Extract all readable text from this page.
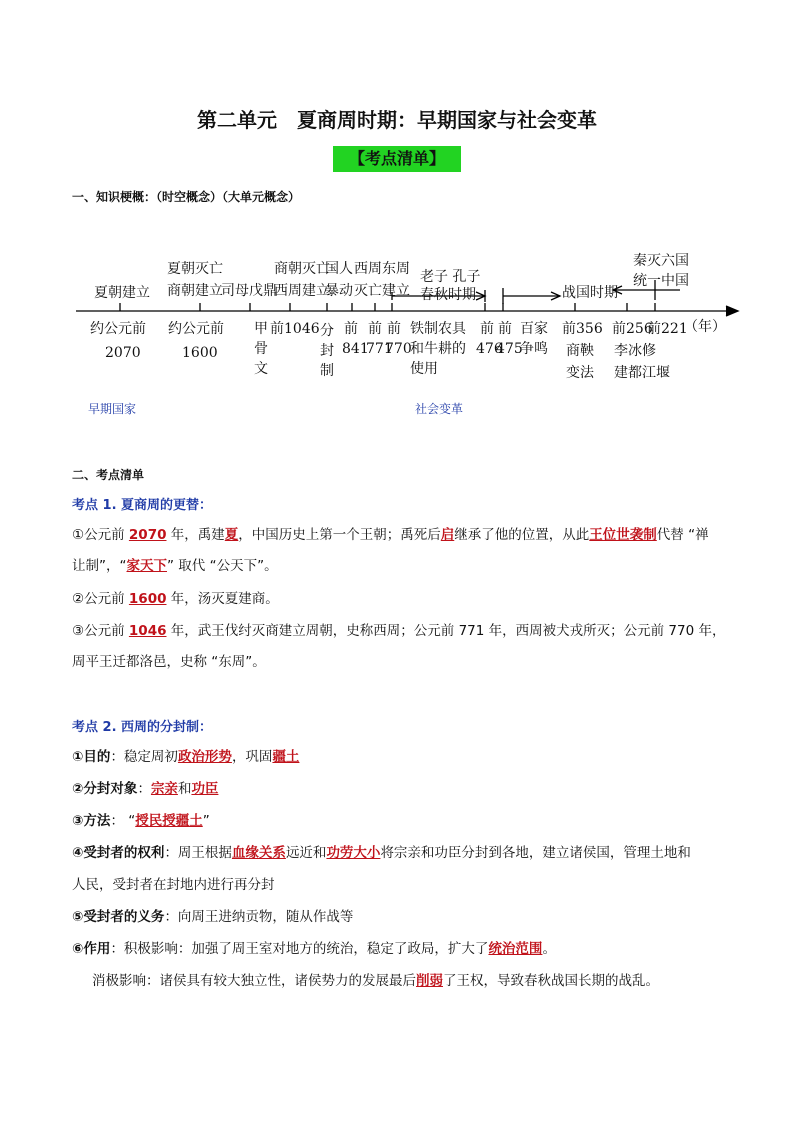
第二单元　夏商周时期：早期国家与社会变革
【考点清单】
一、知识梗概：（时空概念）（大单元概念）
夏朝建立
夏朝灭亡
商朝建立
司母戊鼎
商朝灭亡
西周建立
国人
暴动
西周
灭亡
东周
建立
老子 孔子
春秋时期	战国时期
秦灭六国
统一中国
约公元前
2070
约公元前
1600
甲
骨
文
前1046 分
封
制
前
841
前
771
前
770
铁制农具
和牛耕的
使用
前
476
前
475
百家
争鸣
前356
商鞅
变法
前256
李冰修
建都江堰
前221
（年）
早期国家	社会变革
二、考点清单
考点 1. 夏商周的更替：
①公元前 2070 年，禹建夏，中国历史上第一个王朝；禹死后启继承了他的位置，从此王位世袭制代替 “禅
让制”，“家天下” 取代 “公天下”。
②公元前 1600 年，汤灭夏建商。
③公元前 1046 年，武王伐纣灭商建立周朝，史称西周；公元前 771 年，西周被犬戎所灭；公元前 770 年，
周平王迁都洛邑，史称 “东周”。
考点 2. 西周的分封制：
①目的：稳定周初政治形势，巩固疆土
②分封对象：宗亲和功臣
③方法： “授民授疆土”
④受封者的权利：周王根据血缘关系远近和功劳大小将宗亲和功臣分封到各地，建立诸侯国，管理土地和
人民，受封者在封地内进行再分封
⑤受封者的义务：向周王进纳贡物，随从作战等
⑥作用：积极影响：加强了周王室对地方的统治，稳定了政局，扩大了统治范围。
消极影响：诸侯具有较大独立性，诸侯势力的发展最后削弱了王权，导致春秋战国长期的战乱。
